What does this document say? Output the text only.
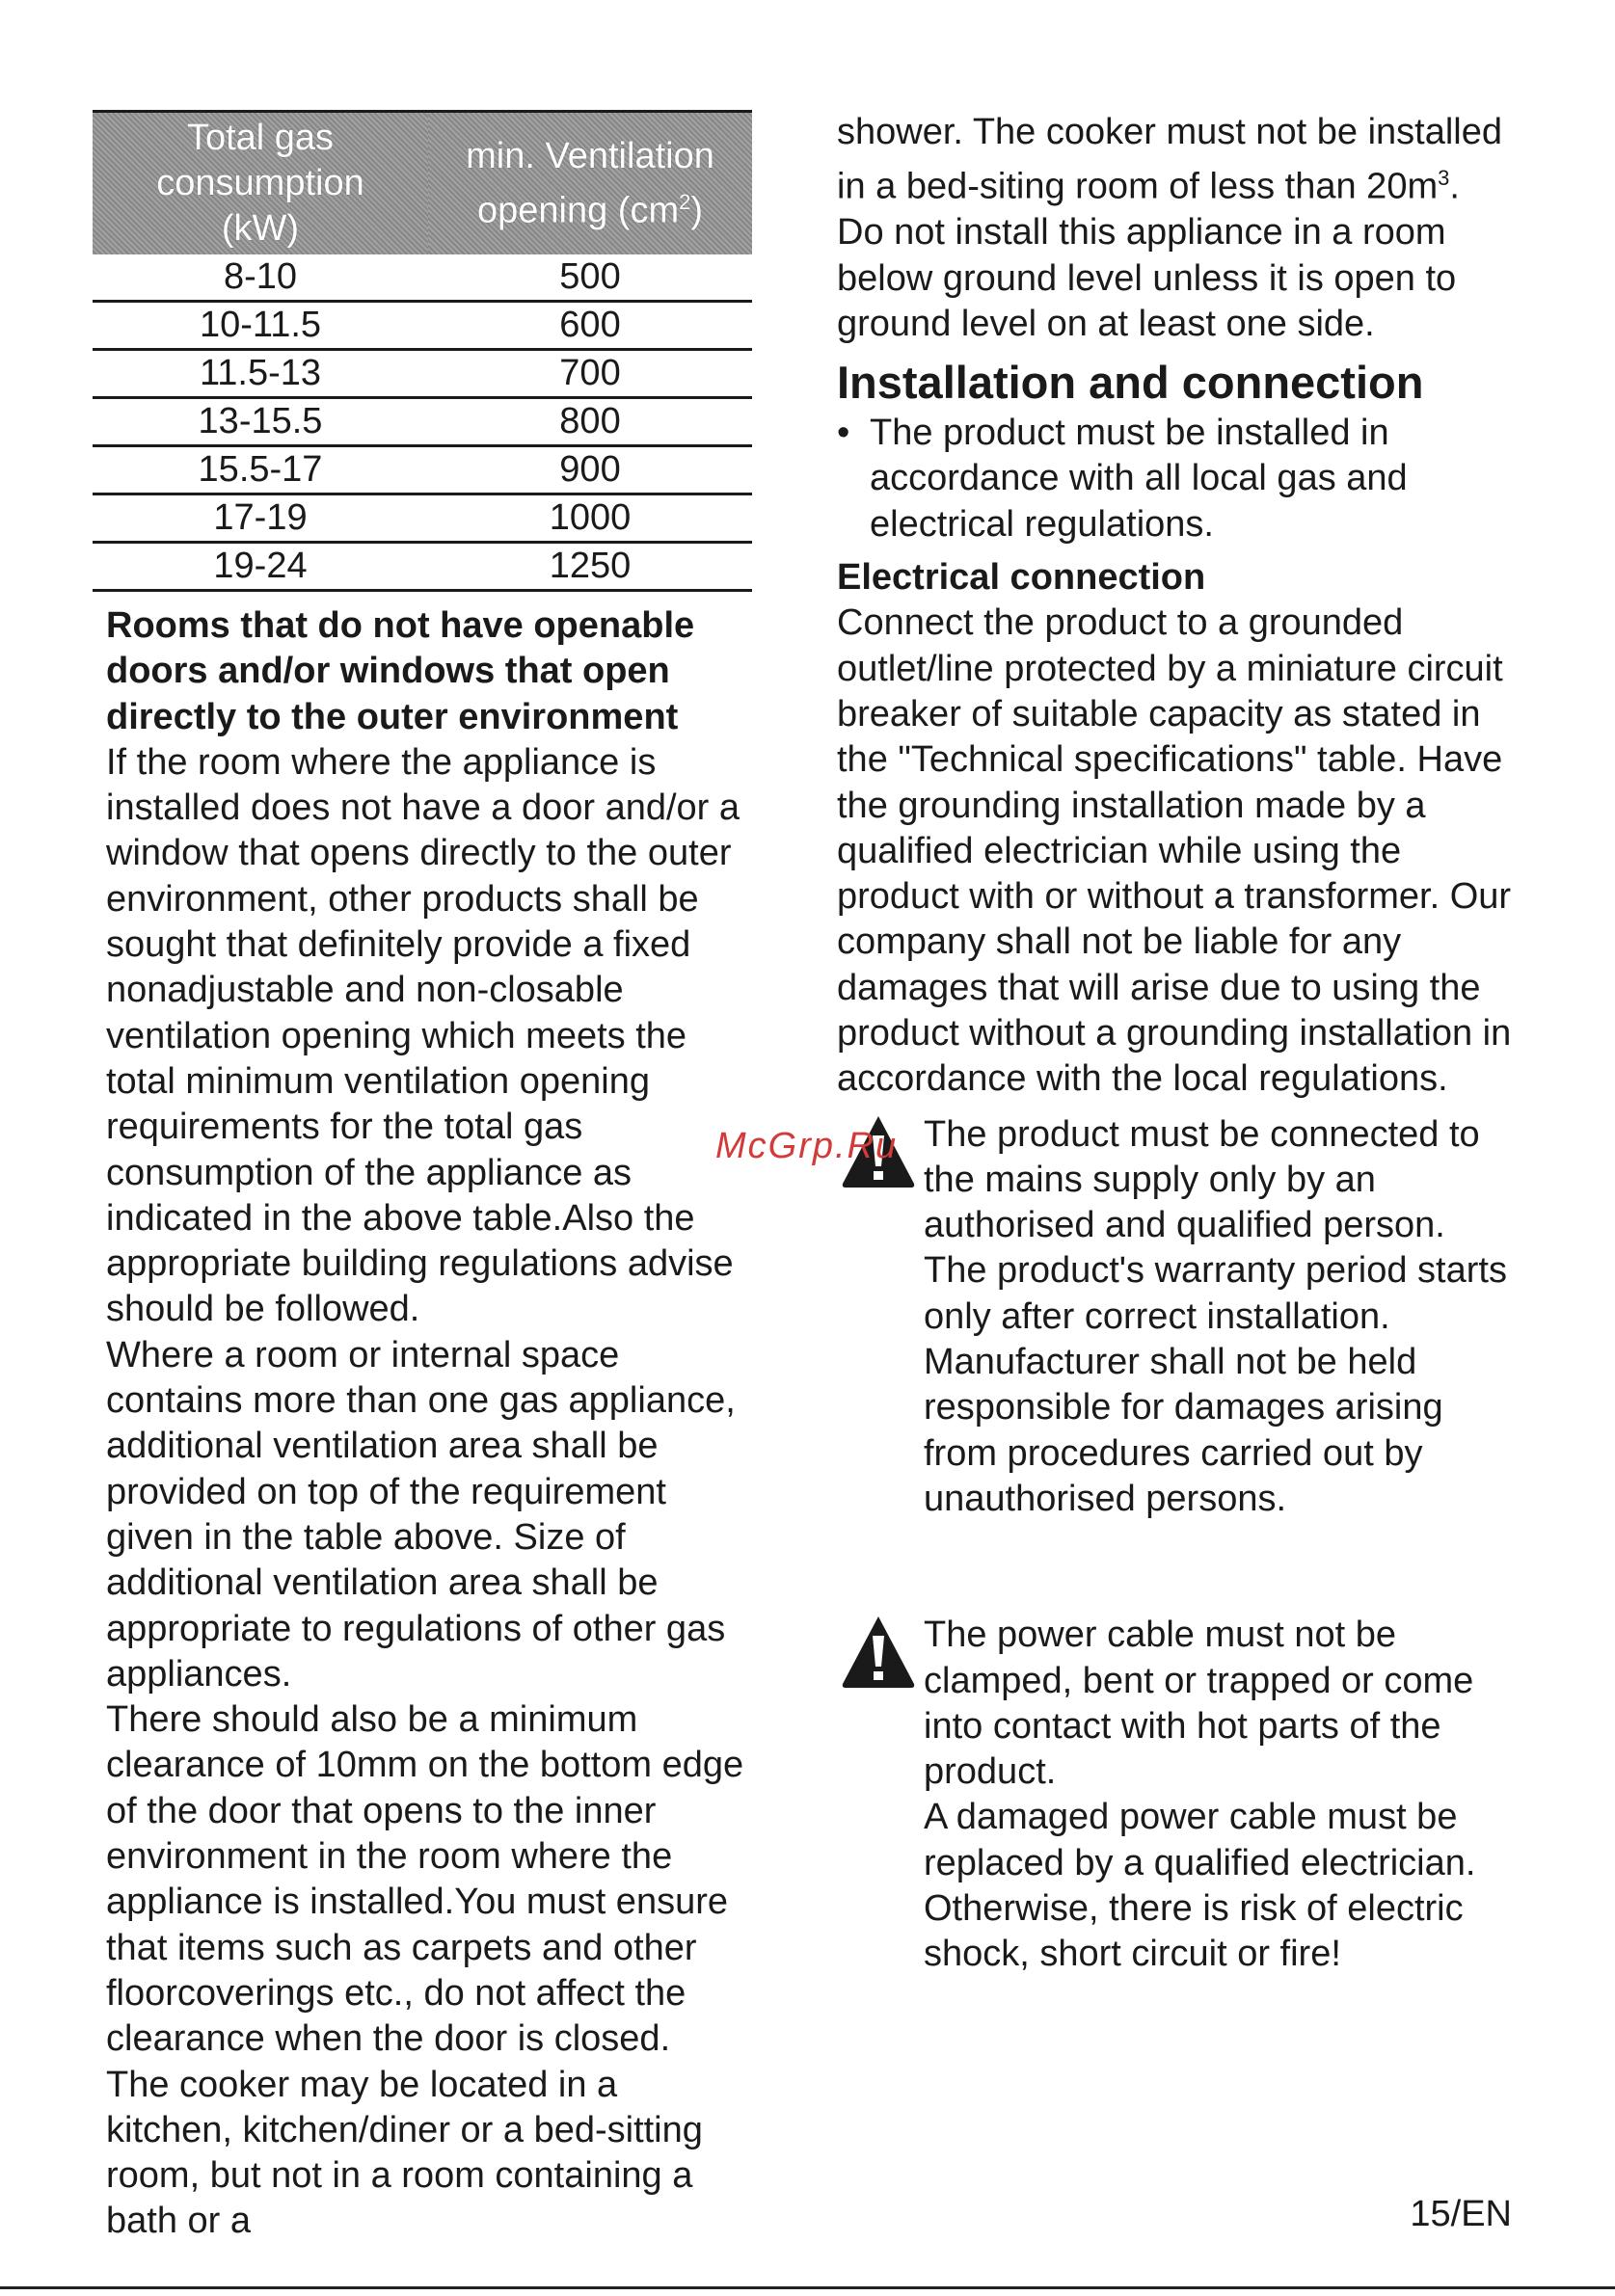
Total gas
consumption
(kW)	min. Ventilation
opening $(cm^2)$
8-10	500
10-11.5	600
11.5-13	700
13-15.5	800
15.5-17	900
17-19	1000
19-24	1250

Rooms that do not have openable doors and/or windows that open directly to the outer environment

If the room where the appliance is installed does not have a door and/or a window that opens directly to the outer environment, other products shall be sought that definitely provide a fixed nonadjustable and non-closable ventilation opening which meets the total minimum ventilation opening requirements for the total gas consumption of the appliance as indicated in the above table.Also the appropriate building regulations advise should be followed.

Where a room or internal space contains more than one gas appliance, additional ventilation area shall be provided on top of the requirement given in the table above. Size of additional ventilation area shall be appropriate to regulations of other gas appliances.

There should also be a minimum clearance of 10mm on the bottom edge of the door that opens to the inner environment in the room where the appliance is installed.You must ensure that items such as carpets and other floorcoverings etc., do not affect the clearance when the door is closed.

The cooker may be located in a kitchen, kitchen/diner or a bed-sitting room, but not in a room containing a bath or a

shower. The cooker must not be installed in a bed-siting room of less than $20m^3$.

Do not install this appliance in a room below ground level unless it is open to ground level on at least one side.

Installation and connection
• The product must be installed in accordance with all local gas and electrical regulations.
Electrical connection

Connect the product to a grounded outlet/line protected by a miniature circuit breaker of suitable capacity as stated in the "Technical specifications" table. Have the grounding installation made by a qualified electrician while using the product with or without a transformer. Our company shall not be liable for any damages that will arise due to using the product without a grounding installation in accordance with the local regulations.

The product must be connected to the mains supply only by an authorised and qualified person. The product's warranty period starts only after correct installation.

Manufacturer shall not be held responsible for damages arising from procedures carried out by unauthorised persons.

The power cable must not be clamped, bent or trapped or come into contact with hot parts of the product.

A damaged power cable must be replaced by a qualified electrician. Otherwise, there is risk of electric shock, short circuit or fire!

McGrp.Ru
15/EN
